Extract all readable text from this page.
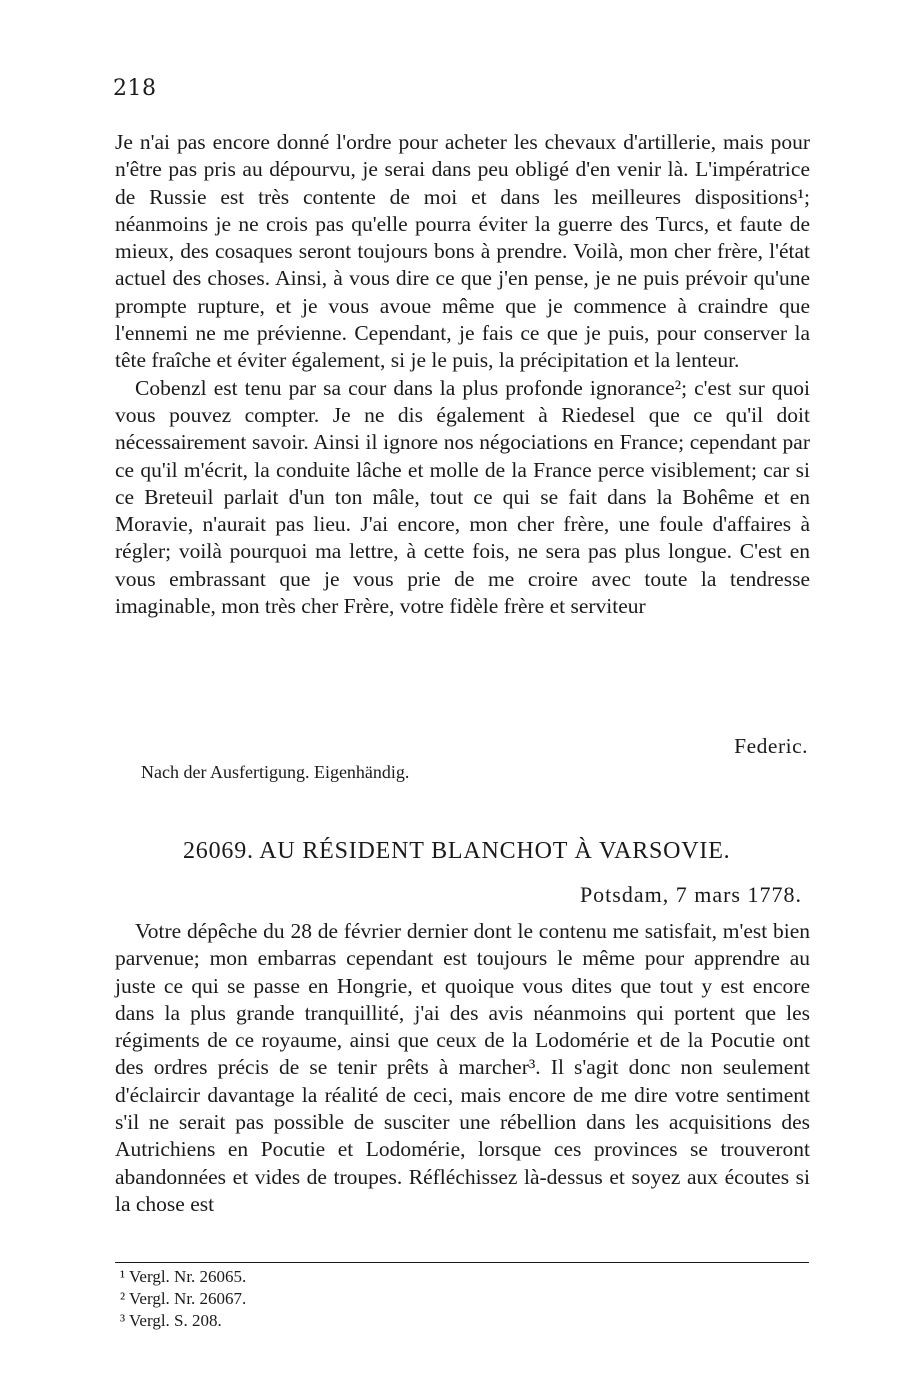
218

Je n'ai pas encore donné l'ordre pour acheter les chevaux d'artillerie, mais pour n'être pas pris au dépourvu, je serai dans peu obligé d'en venir là. L'impératrice de Russie est très contente de moi et dans les meilleures dispositions¹; néanmoins je ne crois pas qu'elle pourra éviter la guerre des Turcs, et faute de mieux, des cosaques seront toujours bons à prendre. Voilà, mon cher frère, l'état actuel des choses. Ainsi, à vous dire ce que j'en pense, je ne puis prévoir qu'une prompte rupture, et je vous avoue même que je commence à craindre que l'ennemi ne me prévienne. Cependant, je fais ce que je puis, pour conserver la tête fraîche et éviter également, si je le puis, la précipitation et la lenteur.

Cobenzl est tenu par sa cour dans la plus profonde ignorance²; c'est sur quoi vous pouvez compter. Je ne dis également à Riedesel que ce qu'il doit nécessairement savoir. Ainsi il ignore nos négociations en France; cependant par ce qu'il m'écrit, la conduite lâche et molle de la France perce visiblement; car si ce Breteuil parlait d'un ton mâle, tout ce qui se fait dans la Bohême et en Moravie, n'aurait pas lieu. J'ai encore, mon cher frère, une foule d'affaires à régler; voilà pourquoi ma lettre, à cette fois, ne sera pas plus longue. C'est en vous embrassant que je vous prie de me croire avec toute la tendresse imaginable, mon très cher Frère, votre fidèle frère et serviteur

Federic.
Nach der Ausfertigung. Eigenhändig.
26069. AU RÉSIDENT BLANCHOT À VARSOVIE.
Potsdam, 7 mars 1778.

Votre dépêche du 28 de février dernier dont le contenu me satisfait, m'est bien parvenue; mon embarras cependant est toujours le même pour apprendre au juste ce qui se passe en Hongrie, et quoique vous dites que tout y est encore dans la plus grande tranquillité, j'ai des avis néanmoins qui portent que les régiments de ce royaume, ainsi que ceux de la Lodomérie et de la Pocutie ont des ordres précis de se tenir prêts à marcher³. Il s'agit donc non seulement d'éclaircir davantage la réalité de ceci, mais encore de me dire votre sentiment s'il ne serait pas possible de susciter une rébellion dans les acquisitions des Autrichiens en Pocutie et Lodomérie, lorsque ces provinces se trouveront abandonnées et vides de troupes. Réfléchissez là-dessus et soyez aux écoutes si la chose est

¹ Vergl. Nr. 26065.
² Vergl. Nr. 26067.
³ Vergl. S. 208.
